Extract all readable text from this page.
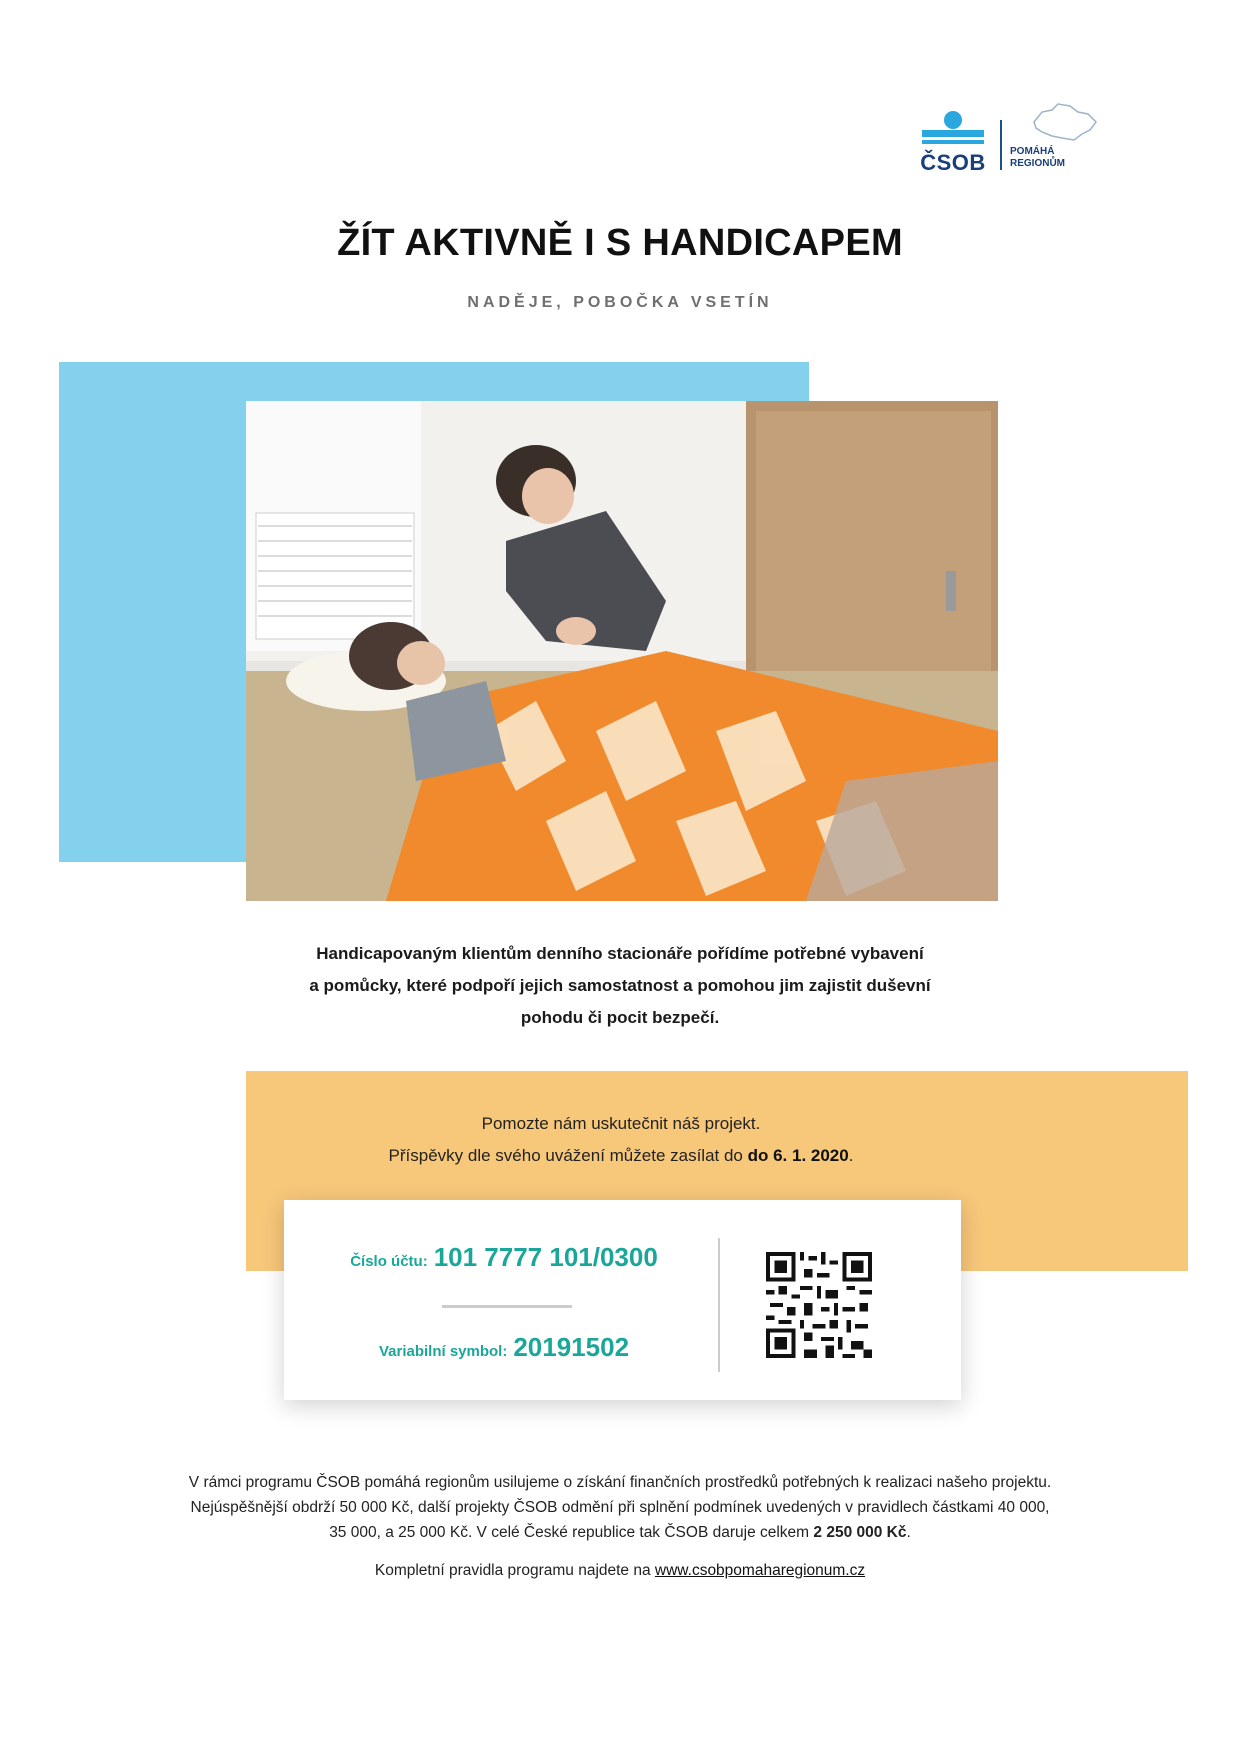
ČSOB POMÁHÁ
REGIONŮM
ŽÍT AKTIVNĚ I S HANDICAPEM
NADĚJE, POBOČKA VSETÍN
Handicapovaným klientům denního stacionáře pořídíme potřebné vybavení
a pomůcky, které podpoří jejich samostatnost a pomohou jim zajistit duševní
pohodu či pocit bezpečí.
Pomozte nám uskutečnit náš projekt.
Příspěvky dle svého uvážení můžete zasílat do do 6. 1. 2020.
Číslo účtu: 101 7777 101/0300
Variabilní symbol: 20191502
V rámci programu ČSOB pomáhá regionům usilujeme o získání finančních prostředků potřebných k realizaci našeho projektu.
Nejúspěšnější obdrží 50 000 Kč, další projekty ČSOB odmění při splnění podmínek uvedených v pravidlech částkami 40 000,
35 000, a 25 000 Kč. V celé České republice tak ČSOB daruje celkem 2 250 000 Kč.
Kompletní pravidla programu najdete na www.csobpomaharegionum.cz
